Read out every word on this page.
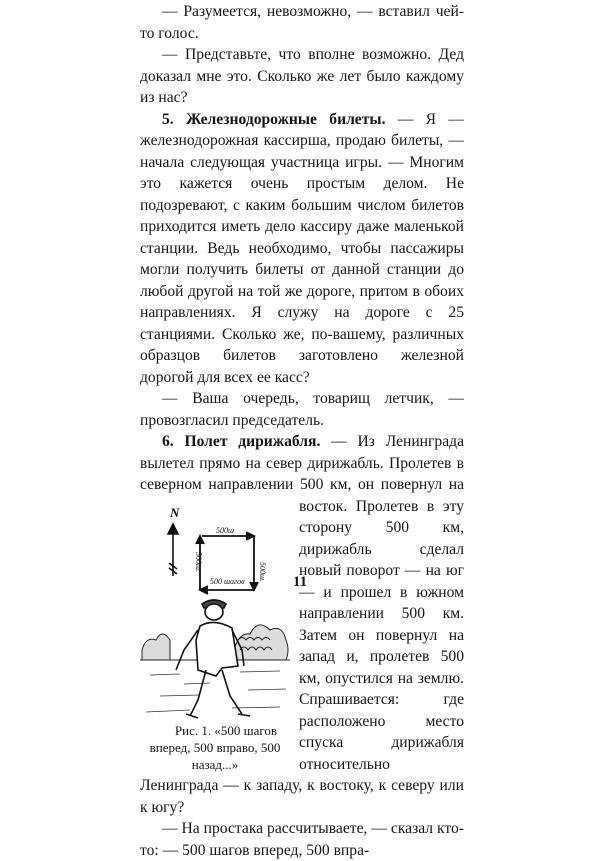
— Разумеется, невозможно, — вставил чей-то голос.

— Представьте, что вполне возможно. Дед доказал мне это. Сколько же лет было каждому из нас?

5. Железнодорожные билеты. — Я — железнодорожная кассирша, продаю билеты, — начала следующая участница игры. — Многим это кажется очень простым делом. Не подозревают, с каким большим числом билетов приходится иметь дело кассиру даже маленькой станции. Ведь необходимо, чтобы пассажиры могли получить билеты от данной станции до любой другой на той же дороге, притом в обоих направлениях. Я служу на дороге с 25 станциями. Сколько же, по-вашему, различных образцов билетов заготовлено железной дорогой для всех ее касс?

— Ваша очередь, товарищ летчик, — провозгласил председатель.

6. Полет дирижабля. — Из Ленинграда вылетел прямо на север дирижабль. Пролетев в северном направлении 500 км, он повернул на восток.
N
500ш
500ш.	500ш.
500 шагов
Рис. 1. «500 шагов вперед, 500 вправо, 500 назад...»
Пролетев в эту сторону 500 км, дирижабль сделал новый поворот — на юг — и прошел в южном направлении 500 км. Затем он повернул на запад и, пролетев 500 км, опустился на землю. Спрашивается: где расположено место спуска дирижабля относительно Ленинграда — к западу, к востоку, к северу или к югу?

— На простака рассчитываете, — сказал кто-то: — 500 шагов вперед, 500 впра-

11
